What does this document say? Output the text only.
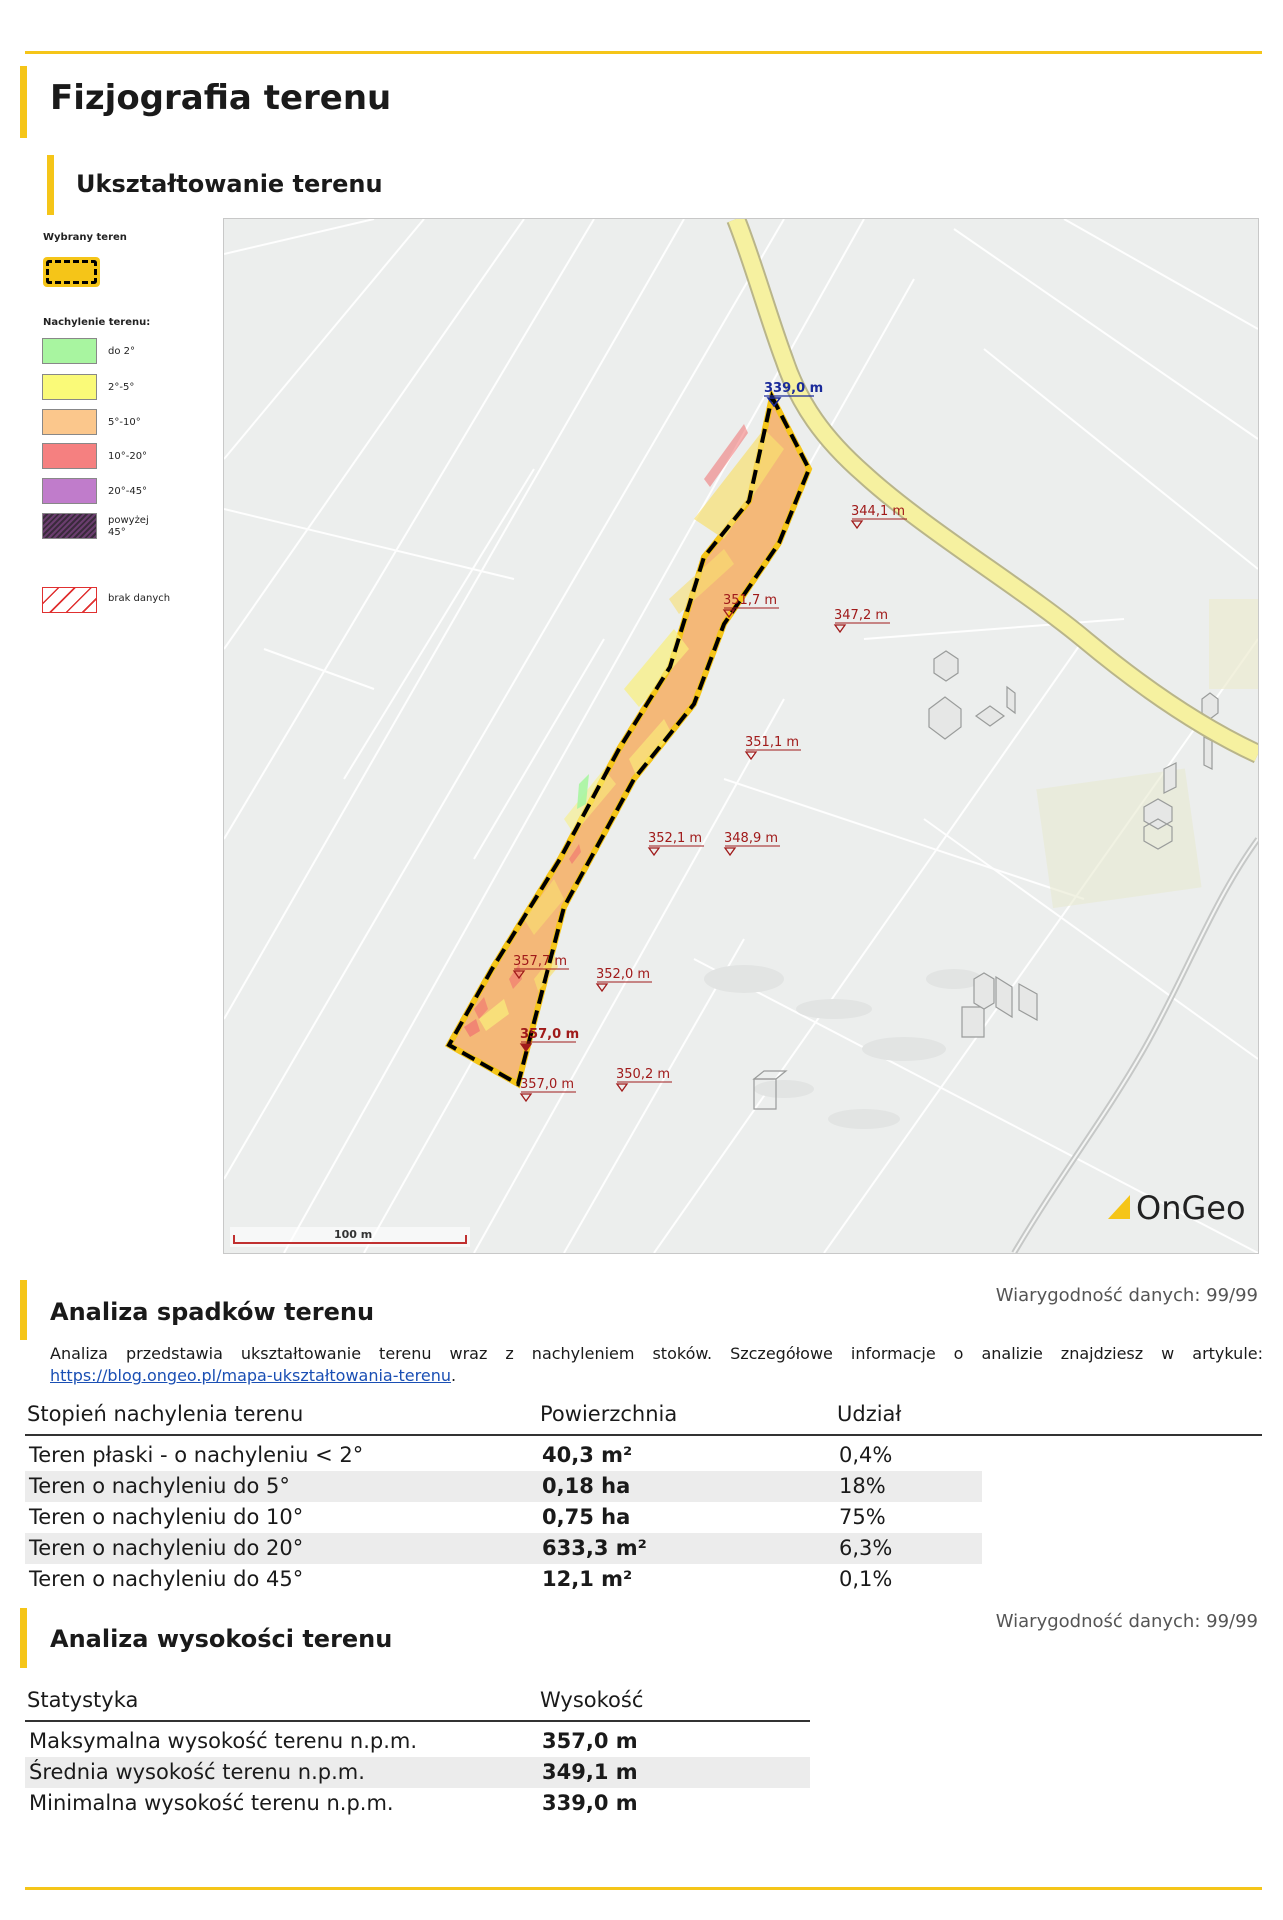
Fizjografia terenu
Ukształtowanie terenu
Wybrany teren
Nachylenie terenu:
do 2°
2°-5°
5°-10°
10°-20°
20°-45°
powyżej 45°
brak danych
339,0 m
344,1 m
351,7 m
347,2 m
351,1 m
352,1 m 348,9 m
357,7 m
352,0 m
357,0 m
350,2 m
357,0 m
100 m
OnGeo
Analiza spadków terenu
Wiarygodność danych: 99/99
Analiza przedstawia ukształtowanie terenu wraz z nachyleniem stoków. Szczegółowe informacje o analizie znajdziesz w artykule: https://blog.ongeo.pl/mapa-ukształtowania-terenu.
Stopień nachylenia terenu	Powierzchnia	Udział	
Teren płaski - o nachyleniu < 2°	40,3 m²	0,4%	
Teren o nachyleniu do 5°	0,18 ha	18%	
Teren o nachyleniu do 10°	0,75 ha	75%	
Teren o nachyleniu do 20°	633,3 m²	6,3%	
Teren o nachyleniu do 45°	12,1 m²	0,1%	
Analiza wysokości terenu
Wiarygodność danych: 99/99
Statystyka	Wysokość
Maksymalna wysokość terenu n.p.m.	357,0 m
Średnia wysokość terenu n.p.m.	349,1 m
Minimalna wysokość terenu n.p.m.	339,0 m
